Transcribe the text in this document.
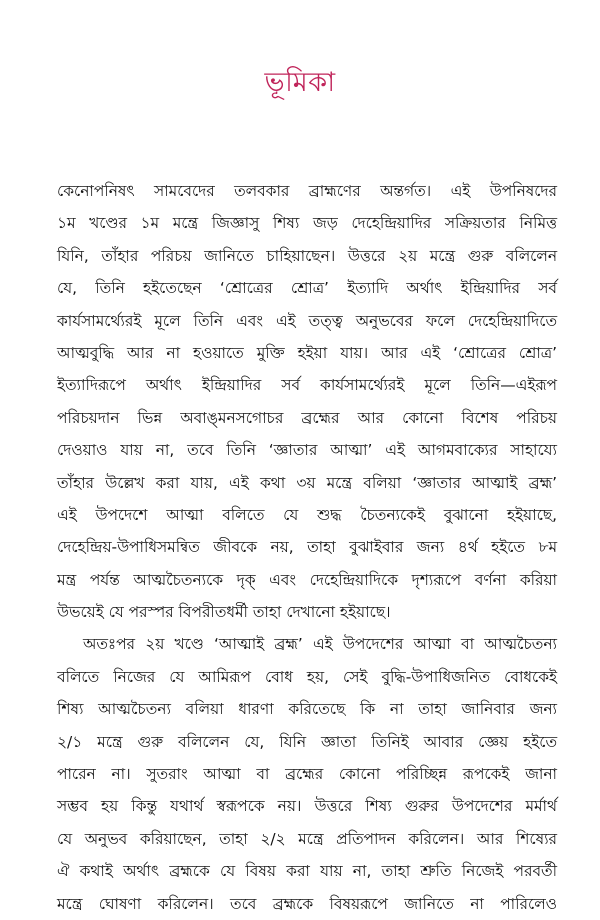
ভূমিকা
কেনোপনিষৎ সামবেদের তলবকার ব্রাহ্মণের অন্তর্গত। এই উপনিষদের
১ম খণ্ডের ১ম মন্ত্রে জিজ্ঞাসু শিষ্য জড় দেহেন্দ্রিয়াদির সক্রিয়তার নিমিত্ত
যিনি, তাঁহার পরিচয় জানিতে চাহিয়াছেন। উত্তরে ২য় মন্ত্রে গুরু বলিলেন
যে, তিনি হইতেছেন ‘শ্রোত্রের শ্রোত্র’ ইত্যাদি অর্থাৎ ইন্দ্রিয়াদির সর্ব
কার্যসামর্থ্যেরই মূলে তিনি এবং এই তত্ত্ব অনুভবের ফলে দেহেন্দ্রিয়াদিতে
আত্মবুদ্ধি আর না হওয়াতে মুক্তি হইয়া যায়। আর এই ‘শ্রোত্রের শ্রোত্র’
ইত্যাদিরূপে অর্থাৎ ইন্দ্রিয়াদির সর্ব কার্যসামর্থ্যেরই মূলে তিনি—এইরূপ
পরিচয়দান ভিন্ন অবাঙ্‌মনসগোচর ব্রহ্মের আর কোনো বিশেষ পরিচয়
দেওয়াও যায় না, তবে তিনি ‘জ্ঞাতার আত্মা’ এই আগমবাক্যের সাহায্যে
তাঁহার উল্লেখ করা যায়, এই কথা ৩য় মন্ত্রে বলিয়া ‘জ্ঞাতার আত্মাই ব্রহ্ম’
এই উপদেশে আত্মা বলিতে যে শুদ্ধ চৈতন্যকেই বুঝানো হইয়াছে,
দেহেন্দ্রিয়-উপাধিসমন্বিত জীবকে নয়, তাহা বুঝাইবার জন্য ৪র্থ হইতে ৮ম
মন্ত্র পর্যন্ত আত্মচৈতন্যকে দৃক্‌ এবং দেহেন্দ্রিয়াদিকে দৃশ্যরূপে বর্ণনা করিয়া
উভয়েই যে পরস্পর বিপরীতধর্মী তাহা দেখানো হইয়াছে।
অতঃপর ২য় খণ্ডে ‘আত্মাই ব্রহ্ম’ এই উপদেশের আত্মা বা আত্মচৈতন্য
বলিতে নিজের যে আমিরূপ বোধ হয়, সেই বুদ্ধি-উপাধিজনিত বোধকেই
শিষ্য আত্মচৈতন্য বলিয়া ধারণা করিতেছে কি না তাহা জানিবার জন্য
২/১ মন্ত্রে গুরু বলিলেন যে, যিনি জ্ঞাতা তিনিই আবার জ্ঞেয় হইতে
পারেন না। সুতরাং আত্মা বা ব্রহ্মের কোনো পরিচ্ছিন্ন রূপকেই জানা
সম্ভব হয় কিন্তু যথার্থ স্বরূপকে নয়। উত্তরে শিষ্য গুরুর উপদেশের মর্মার্থ
যে অনুভব করিয়াছেন, তাহা ২/২ মন্ত্রে প্রতিপাদন করিলেন। আর শিষ্যের
ঐ কথাই অর্থাৎ ব্রহ্মকে যে বিষয় করা যায় না, তাহা শ্রুতি নিজেই পরবর্তী
মন্ত্রে ঘোষণা করিলেন। তবে ব্রহ্মকে বিষয়রূপে জানিতে না পারিলেও
